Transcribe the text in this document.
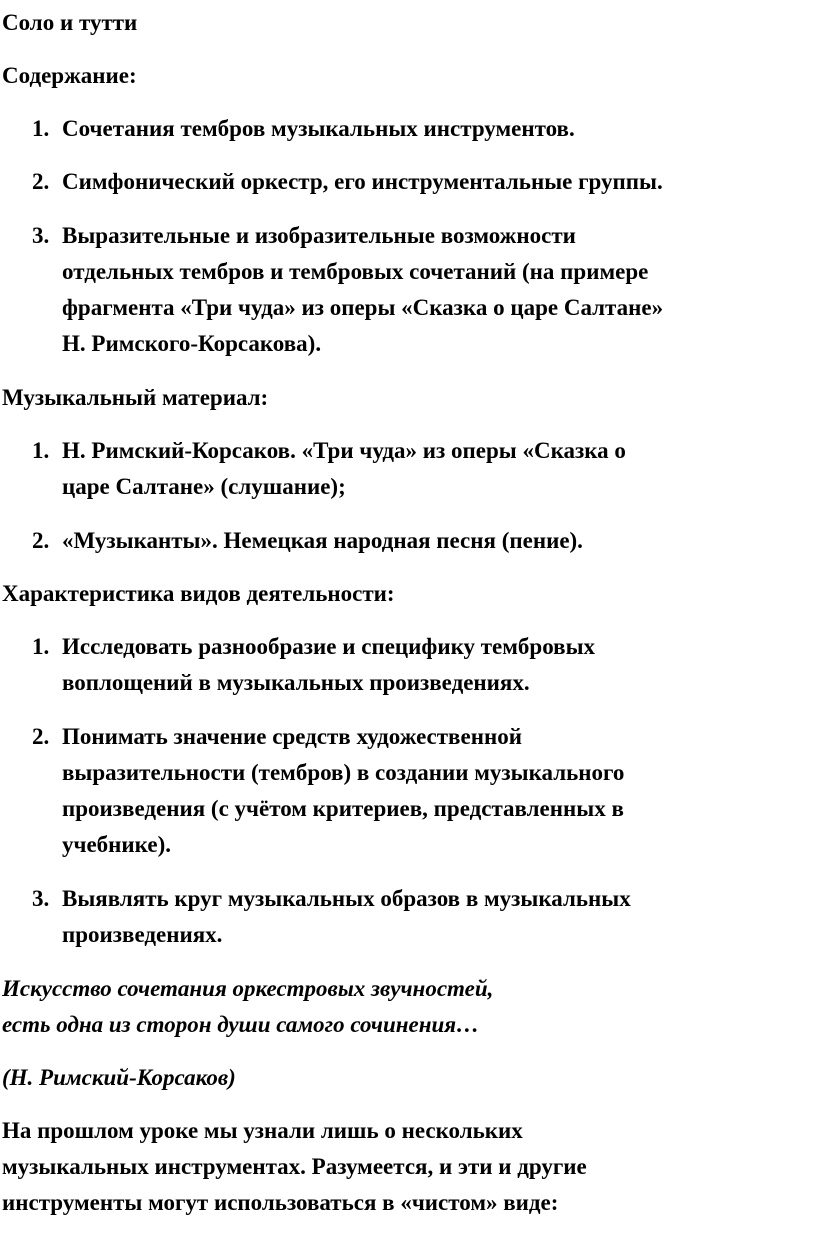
Соло и тутти
Содержание:
1. Сочетания тембров музыкальных инструментов.
2. Симфонический оркестр, его инструментальные группы.
3. Выразительные и изобразительные возможности
отдельных тембров и тембровых сочетаний (на примере
фрагмента «Три чуда» из оперы «Сказка о царе Салтане»
Н. Римского-Корсакова).
Музыкальный материал:
1. Н. Римский-Корсаков. «Три чуда» из оперы «Сказка о
царе Салтане» (слушание);
2. «Музыканты». Немецкая народная песня (пение).
Характеристика видов деятельности:
1. Исследовать разнообразие и специфику тембровых
воплощений в музыкальных произведениях.
2. Понимать значение средств художественной
выразительности (тембров) в создании музыкального
произведения (с учётом критериев, представленных в
учебнике).
3. Выявлять круг музыкальных образов в музыкальных
произведениях.
Искусство сочетания оркестровых звучностей,
есть одна из сторон души самого сочинения…
(Н. Римский-Корсаков)
На прошлом уроке мы узнали лишь о нескольких
музыкальных инструментах. Разумеется, и эти и другие
инструменты могут использоваться в «чистом» виде:
